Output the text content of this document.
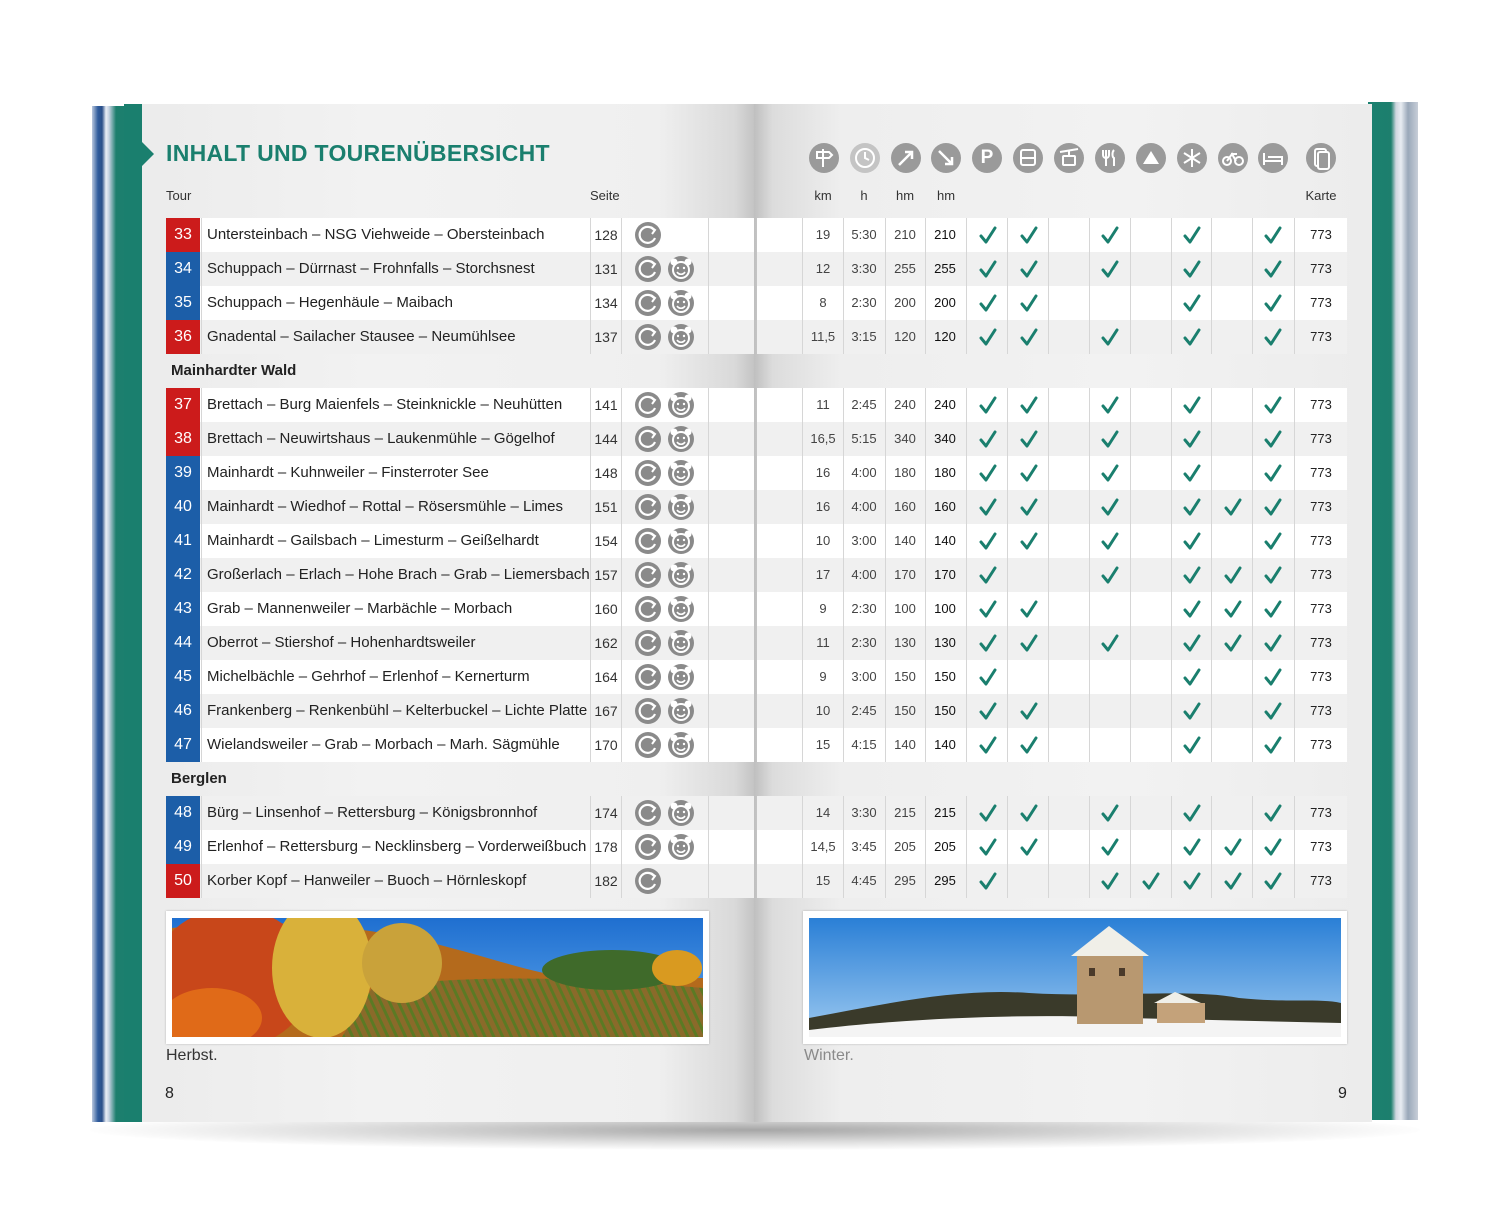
INHALT UND TOURENÜBERSICHT
Tour	Seite
P
km	h	hm	hm	Karte
33	Untersteinbach – NSG Viehweide – Obersteinbach	128	19	5:30	210	210	773
34	Schuppach – Dürrnast – Frohnfalls – Storchsnest	131	12	3:30	255	255	773
35	Schuppach – Hegenhäule – Maibach	134	8	2:30	200	200	773
36	Gnadental – Sailacher Stausee – Neumühlsee	137	11,5	3:15	120	120	773
Mainhardter Wald
37	Brettach – Burg Maienfels – Steinknickle – Neuhütten 141	11	2:45	240	240	773
38	Brettach – Neuwirtshaus – Laukenmühle – Gögelhof	144	16,5	5:15	340	340	773
39	Mainhardt – Kuhnweiler – Finsterroter See	148	16	4:00	180	180	773
40	Mainhardt – Wiedhof – Rottal – Rösersmühle – Limes 151	16	4:00	160	160	773
41	Mainhardt – Gailsbach – Limesturm – Geißelhardt	154	10	3:00	140	140	773
42	Großerlach – Erlach – Hohe Brach – Grab – Liemersbach 157	17	4:00	170	170	773
43	Grab – Mannenweiler – Marbächle – Morbach	160	9	2:30	100	100	773
44	Oberrot – Stiershof – Hohenhardtsweiler	162	11	2:30	130	130	773
45	Michelbächle – Gehrhof – Erlenhof – Kernerturm	164	9	3:00	150	150	773
46	Frankenberg – Renkenbühl – Kelterbuckel – Lichte Platte 167	10	2:45	150	150	773
47	Wielandsweiler – Grab – Morbach – Marh. Sägmühle 170	15	4:15	140	140	773
Berglen
48	Bürg – Linsenhof – Rettersburg – Königsbronnhof	174	14	3:30	215	215	773
49	Erlenhof – Rettersburg – Necklinsberg – Vorderweißbuch 178	14,5	3:45	205	205	773
50	Korber Kopf – Hanweiler – Buoch – Hörnleskopf	182	15	4:45	295	295	773
Herbst.	Winter.
8	9
